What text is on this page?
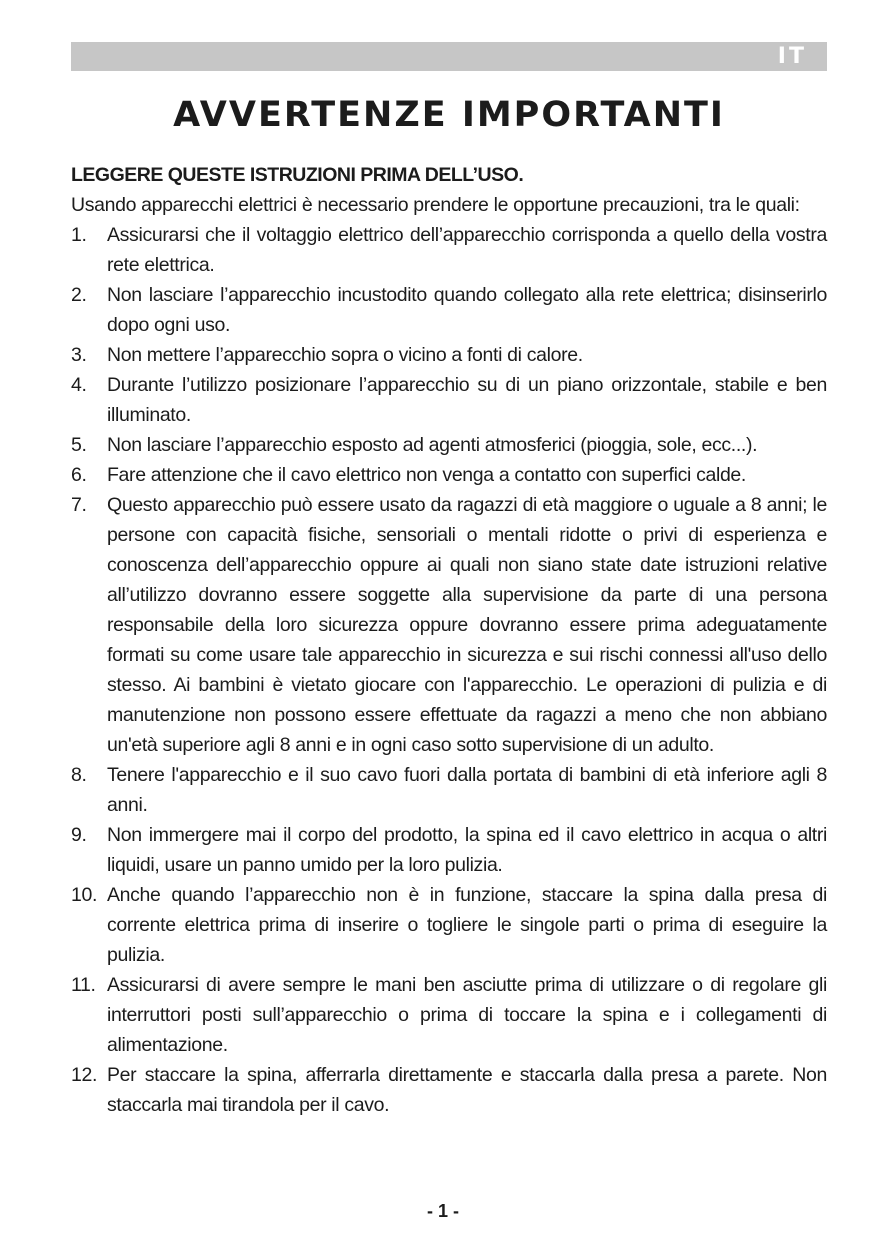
IT
AVVERTENZE IMPORTANTI

LEGGERE QUESTE ISTRUZIONI PRIMA DELL’USO.

Usando apparecchi elettrici è necessario prendere le opportune precauzioni, tra le quali:

1. Assicurarsi che il voltaggio elettrico dell’apparecchio corrisponda a quello della vostra rete elettrica.
2. Non lasciare l’apparecchio incustodito quando collegato alla rete elettrica; disinserirlo dopo ogni uso.
3. Non mettere l’apparecchio sopra o vicino a fonti di calore.
4. Durante l’utilizzo posizionare l’apparecchio su di un piano orizzontale, stabile e ben illuminato.
5. Non lasciare l’apparecchio esposto ad agenti atmosferici (pioggia, sole, ecc...).
6. Fare attenzione che il cavo elettrico non venga a contatto con superfici calde.
7. Questo apparecchio può essere usato da ragazzi di età maggiore o uguale a 8 anni; le persone con capacità fisiche, sensoriali o mentali ridotte o privi di esperienza e conoscenza dell’apparecchio oppure ai quali non siano state date istruzioni relative all’utilizzo dovranno essere soggette alla supervisione da parte di una persona responsabile della loro sicurezza oppure dovranno essere prima adeguatamente formati su come usare tale apparecchio in sicurezza e sui rischi connessi all'uso dello stesso. Ai bambini è vietato giocare con l'apparecchio. Le operazioni di pulizia e di manutenzione non possono essere effettuate da ragazzi a meno che non abbiano un'età superiore agli 8 anni e in ogni caso sotto supervisione di un adulto.
8. Tenere l'apparecchio e il suo cavo fuori dalla portata di bambini di età inferiore agli 8 anni.
9. Non immergere mai il corpo del prodotto, la spina ed il cavo elettrico in acqua o altri liquidi, usare un panno umido per la loro pulizia.
10. Anche quando l’apparecchio non è in funzione, staccare la spina dalla presa di corrente elettrica prima di inserire o togliere le singole parti o prima di eseguire la pulizia.
11. Assicurarsi di avere sempre le mani ben asciutte prima di utilizzare o di regolare gli interruttori posti sull’apparecchio o prima di toccare la spina e i collegamenti di alimentazione.
12. Per staccare la spina, afferrarla direttamente e staccarla dalla presa a parete. Non staccarla mai tirandola per il cavo.
- 1 -
